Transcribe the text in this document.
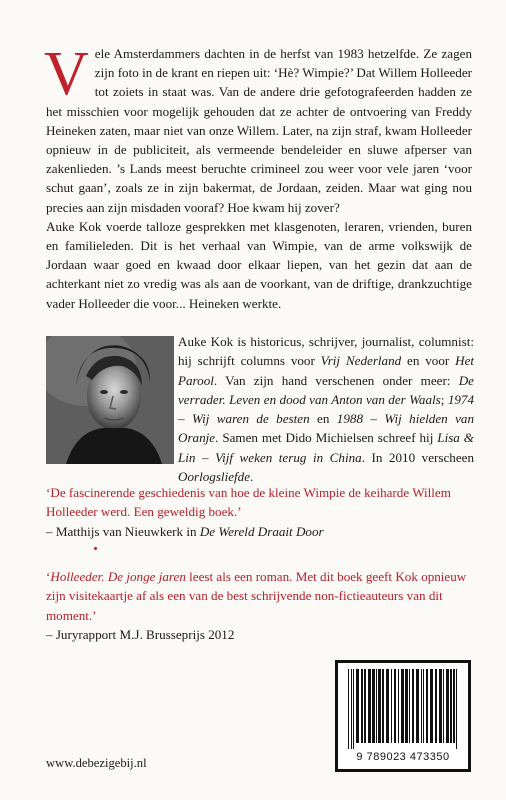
Vele Amsterdammers dachten in de herfst van 1983 hetzelfde. Ze zagen zijn foto in de krant en riepen uit: ‘Hè? Wimpie?’ Dat Willem Holleeder tot zoiets in staat was. Van de andere drie gefotografeerden hadden ze het misschien voor mogelijk gehouden dat ze achter de ontvoering van Freddy Heineken zaten, maar niet van onze Willem. Later, na zijn straf, kwam Holleeder opnieuw in de publiciteit, als vermeende bendeleider en sluwe afperser van zakenlieden. ’s Lands meest beruchte crimineel zou weer voor vele jaren ‘voor schut gaan’, zoals ze in zijn bakermat, de Jordaan, zeiden. Maar wat ging nou precies aan zijn misdaden vooraf? Hoe kwam hij zover?

Auke Kok voerde talloze gesprekken met klasgenoten, leraren, vrienden, buren en familieleden. Dit is het verhaal van Wimpie, van de arme volkswijk de Jordaan waar goed en kwaad door elkaar liepen, van het gezin dat aan de achterkant niet zo vredig was als aan de voorkant, van de driftige, drankzuchtige vader Holleeder die voor... Heineken werkte.

Auke Kok is historicus, schrijver, journalist, columnist: hij schrijft columns voor Vrij Nederland en voor Het Parool. Van zijn hand verschenen onder meer: De verrader. Leven en dood van Anton van der Waals; 1974 – Wij waren de besten en 1988 – Wij hielden van Oranje. Samen met Dido Michielsen schreef hij Lisa & Lin – Vijf weken terug in China. In 2010 verscheen Oorlogsliefde.

‘De fascinerende geschiedenis van hoe de kleine Wimpie de keiharde Willem Holleeder werd. Een geweldig boek.’

– Matthijs van Nieuwkerk in De Wereld Draait Door

‘Holleeder. De jonge jaren leest als een roman. Met dit boek geeft Kok opnieuw zijn visitekaartje af als een van de best schrijvende non-fictieauteurs van dit moment.’

– Juryrapport M.J. Brusseprijs 2012

www.debezigebij.nl	9 789023 473350
